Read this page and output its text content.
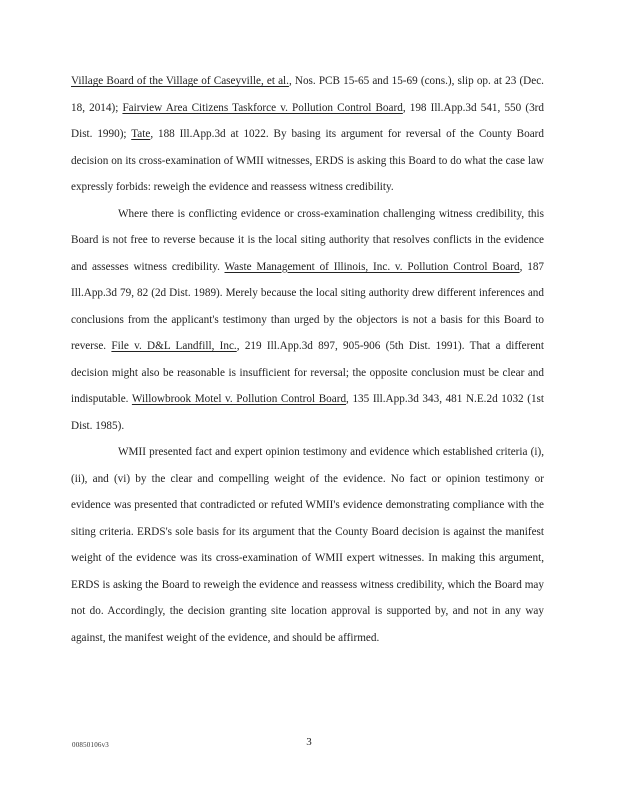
Village Board of the Village of Caseyville, et al., Nos. PCB 15-65 and 15-69 (cons.), slip op. at 23 (Dec. 18, 2014); Fairview Area Citizens Taskforce v. Pollution Control Board, 198 Ill.App.3d 541, 550 (3rd Dist. 1990); Tate, 188 Ill.App.3d at 1022. By basing its argument for reversal of the County Board decision on its cross-examination of WMII witnesses, ERDS is asking this Board to do what the case law expressly forbids: reweigh the evidence and reassess witness credibility.

Where there is conflicting evidence or cross-examination challenging witness credibility, this Board is not free to reverse because it is the local siting authority that resolves conflicts in the evidence and assesses witness credibility. Waste Management of Illinois, Inc. v. Pollution Control Board, 187 Ill.App.3d 79, 82 (2d Dist. 1989). Merely because the local siting authority drew different inferences and conclusions from the applicant's testimony than urged by the objectors is not a basis for this Board to reverse. File v. D&L Landfill, Inc., 219 Ill.App.3d 897, 905-906 (5th Dist. 1991). That a different decision might also be reasonable is insufficient for reversal; the opposite conclusion must be clear and indisputable. Willowbrook Motel v. Pollution Control Board, 135 Ill.App.3d 343, 481 N.E.2d 1032 (1st Dist. 1985).

WMII presented fact and expert opinion testimony and evidence which established criteria (i), (ii), and (vi) by the clear and compelling weight of the evidence. No fact or opinion testimony or evidence was presented that contradicted or refuted WMII's evidence demonstrating compliance with the siting criteria. ERDS's sole basis for its argument that the County Board decision is against the manifest weight of the evidence was its cross-examination of WMII expert witnesses. In making this argument, ERDS is asking the Board to reweigh the evidence and reassess witness credibility, which the Board may not do. Accordingly, the decision granting site location approval is supported by, and not in any way against, the manifest weight of the evidence, and should be affirmed.

00850106v3	3
